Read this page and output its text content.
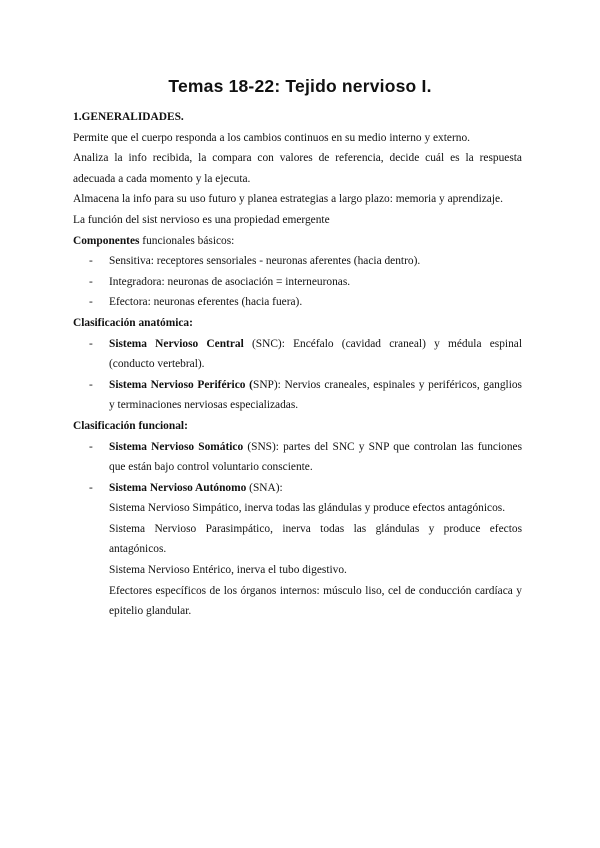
Temas 18-22: Tejido nervioso I.

1.GENERALIDADES.

Permite que el cuerpo responda a los cambios continuos en su medio interno y externo.

Analiza la info recibida, la compara con valores de referencia, decide cuál es la respuesta adecuada a cada momento y la ejecuta.

Almacena la info para su uso futuro y planea estrategias a largo plazo: memoria y aprendizaje.

La función del sist nervioso es una propiedad emergente

Componentes funcionales básicos:

- Sensitiva: receptores sensoriales - neuronas aferentes (hacia dentro).

- Integradora: neuronas de asociación = interneuronas.

- Efectora: neuronas eferentes (hacia fuera).

Clasificación anatómica:

- Sistema Nervioso Central (SNC): Encéfalo (cavidad craneal) y médula espinal (conducto vertebral).

- Sistema Nervioso Periférico (SNP): Nervios craneales, espinales y periféricos, ganglios y terminaciones nerviosas especializadas.

Clasificación funcional:

- Sistema Nervioso Somático (SNS): partes del SNC y SNP que controlan las funciones que están bajo control voluntario consciente.

- Sistema Nervioso Autónomo (SNA):

Sistema Nervioso Simpático, inerva todas las glándulas y produce efectos antagónicos.

Sistema Nervioso Parasimpático, inerva todas las glándulas y produce efectos antagónicos.

Sistema Nervioso Entérico, inerva el tubo digestivo.

Efectores específicos de los órganos internos: músculo liso, cel de conducción cardíaca y epitelio glandular.
